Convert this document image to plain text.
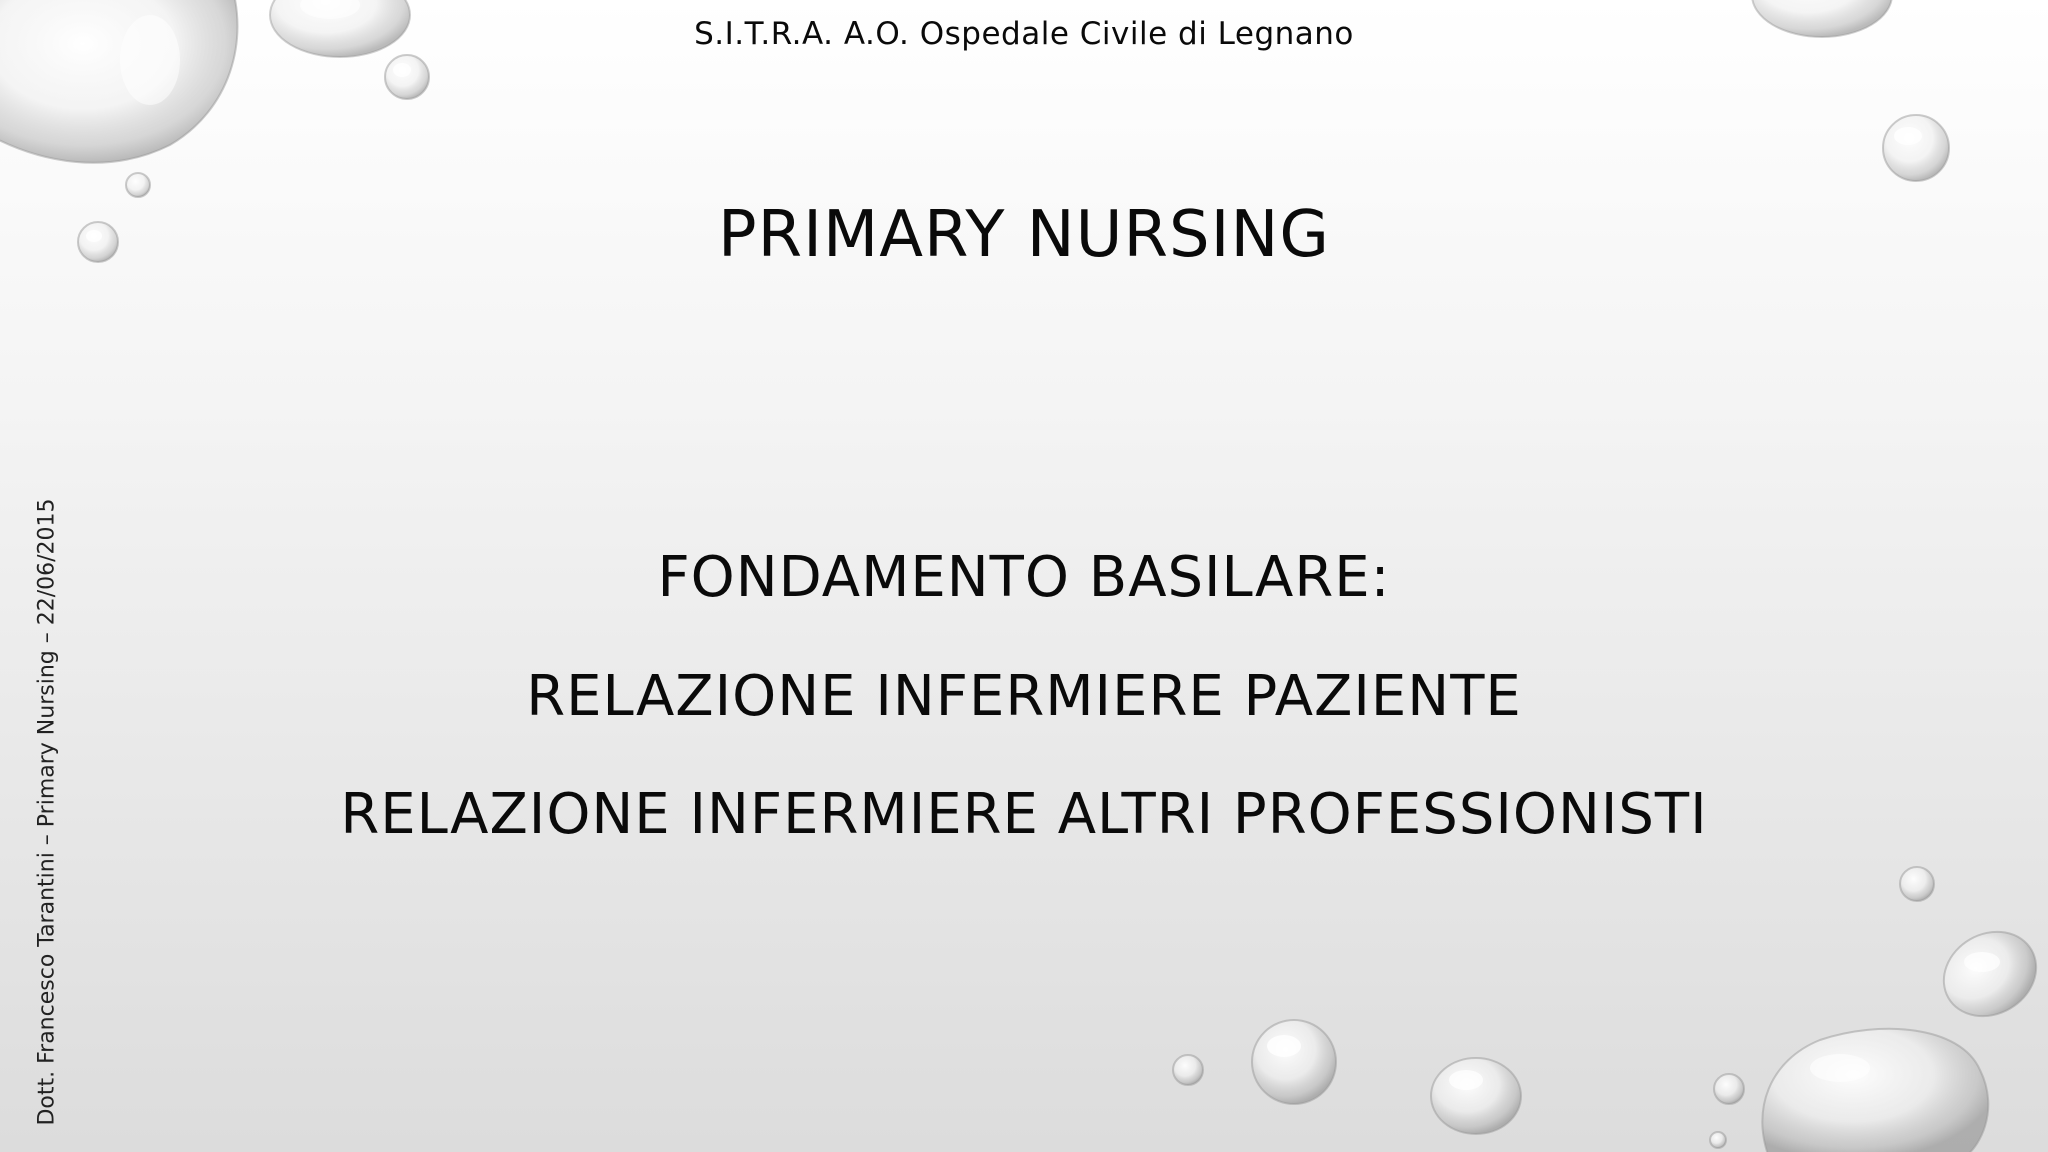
S.I.T.R.A. A.O. Ospedale Civile di Legnano
PRIMARY NURSING
FONDAMENTO BASILARE:
RELAZIONE INFERMIERE PAZIENTE
RELAZIONE INFERMIERE ALTRI PROFESSIONISTI
Dott. Francesco Tarantini – Primary Nursing – 22/06/2015
